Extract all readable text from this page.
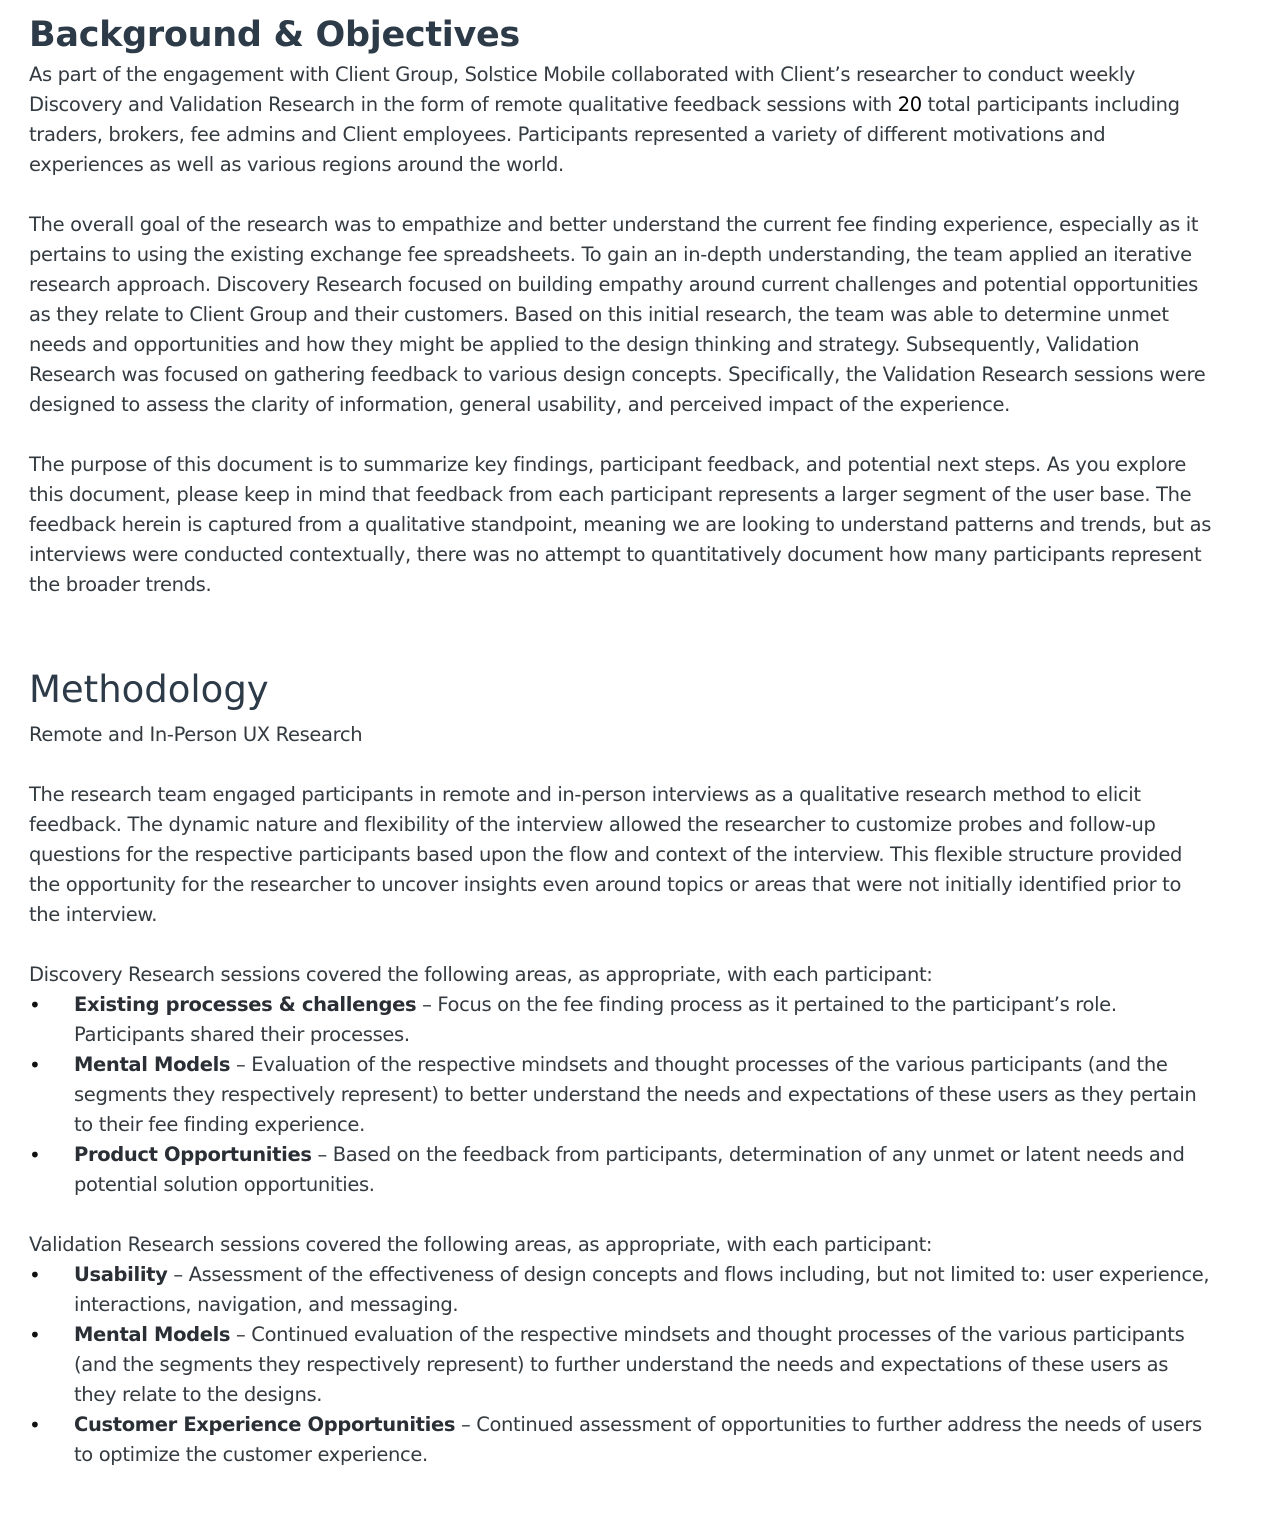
Background & Objectives

As part of the engagement with Client Group, Solstice Mobile collaborated with Client’s researcher to conduct weekly Discovery and Validation Research in the form of remote qualitative feedback sessions with 20 total participants including traders, brokers, fee admins and Client employees. Participants represented a variety of different motivations and experiences as well as various regions around the world.

The overall goal of the research was to empathize and better understand the current fee finding experience, especially as it pertains to using the existing exchange fee spreadsheets. To gain an in-depth understanding, the team applied an iterative research approach. Discovery Research focused on building empathy around current challenges and potential opportunities as they relate to Client Group and their customers. Based on this initial research, the team was able to determine unmet needs and opportunities and how they might be applied to the design thinking and strategy. Subsequently, Validation Research was focused on gathering feedback to various design concepts. Specifically, the Validation Research sessions were designed to assess the clarity of information, general usability, and perceived impact of the experience.

The purpose of this document is to summarize key findings, participant feedback, and potential next steps. As you explore this document, please keep in mind that feedback from each participant represents a larger segment of the user base. The feedback herein is captured from a qualitative standpoint, meaning we are looking to understand patterns and trends, but as interviews were conducted contextually, there was no attempt to quantitatively document how many participants represent the broader trends.

Methodology

Remote and In-Person UX Research

The research team engaged participants in remote and in-person interviews as a qualitative research method to elicit feedback. The dynamic nature and flexibility of the interview allowed the researcher to customize probes and follow-up questions for the respective participants based upon the flow and context of the interview. This flexible structure provided the opportunity for the researcher to uncover insights even around topics or areas that were not initially identified prior to the interview.

Discovery Research sessions covered the following areas, as appropriate, with each participant:

•	Existing processes & challenges – Focus on the fee finding process as it pertained to the participant’s role. Participants shared their processes.
•	Mental Models – Evaluation of the respective mindsets and thought processes of the various participants (and the segments they respectively represent) to better understand the needs and expectations of these users as they pertain to their fee finding experience.
•	Product Opportunities – Based on the feedback from participants, determination of any unmet or latent needs and potential solution opportunities.

Validation Research sessions covered the following areas, as appropriate, with each participant:

•	Usability – Assessment of the effectiveness of design concepts and flows including, but not limited to: user experience, interactions, navigation, and messaging.
•	Mental Models – Continued evaluation of the respective mindsets and thought processes of the various participants (and the segments they respectively represent) to further understand the needs and expectations of these users as they relate to the designs.
•	Customer Experience Opportunities – Continued assessment of opportunities to further address the needs of users to optimize the customer experience.
